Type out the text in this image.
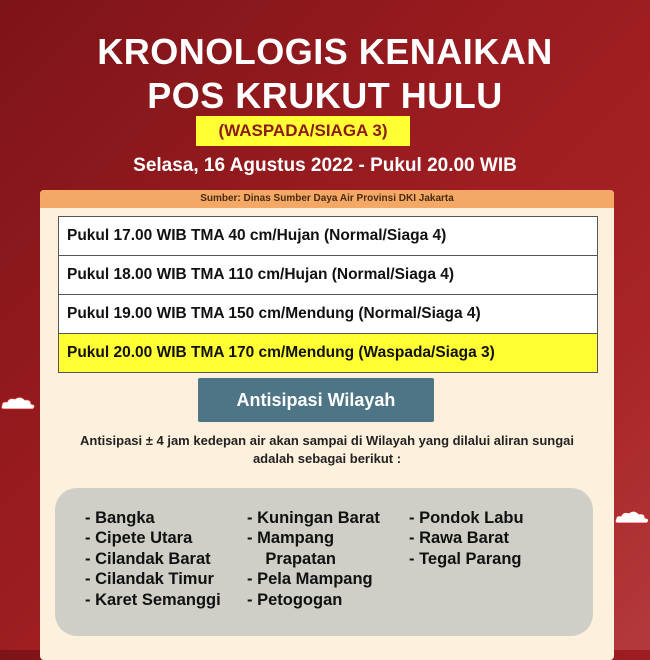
KRONOLOGIS KENAIKAN
POS KRUKUT HULU
(WASPADA/SIAGA 3)
Selasa, 16 Agustus 2022 - Pukul 20.00 WIB
Sumber: Dinas Sumber Daya Air Provinsi DKI Jakarta
Pukul 17.00 WIB TMA 40 cm/Hujan (Normal/Siaga 4)
Pukul 18.00 WIB TMA 110 cm/Hujan (Normal/Siaga 4)
Pukul 19.00 WIB TMA 150 cm/Mendung (Normal/Siaga 4)
Pukul 20.00 WIB TMA 170 cm/Mendung (Waspada/Siaga 3)
Antisipasi Wilayah
Antisipasi ± 4 jam kedepan air akan sampai di Wilayah yang dilalui aliran sungai
adalah sebagai berikut :
- Bangka
- Cipete Utara
- Cilandak Barat
- Cilandak Timur
- Karet Semanggi
- Kuningan Barat
- Mampang
Prapatan
- Pela Mampang
- Petogogan
- Pondok Labu
- Rawa Barat
- Tegal Parang
